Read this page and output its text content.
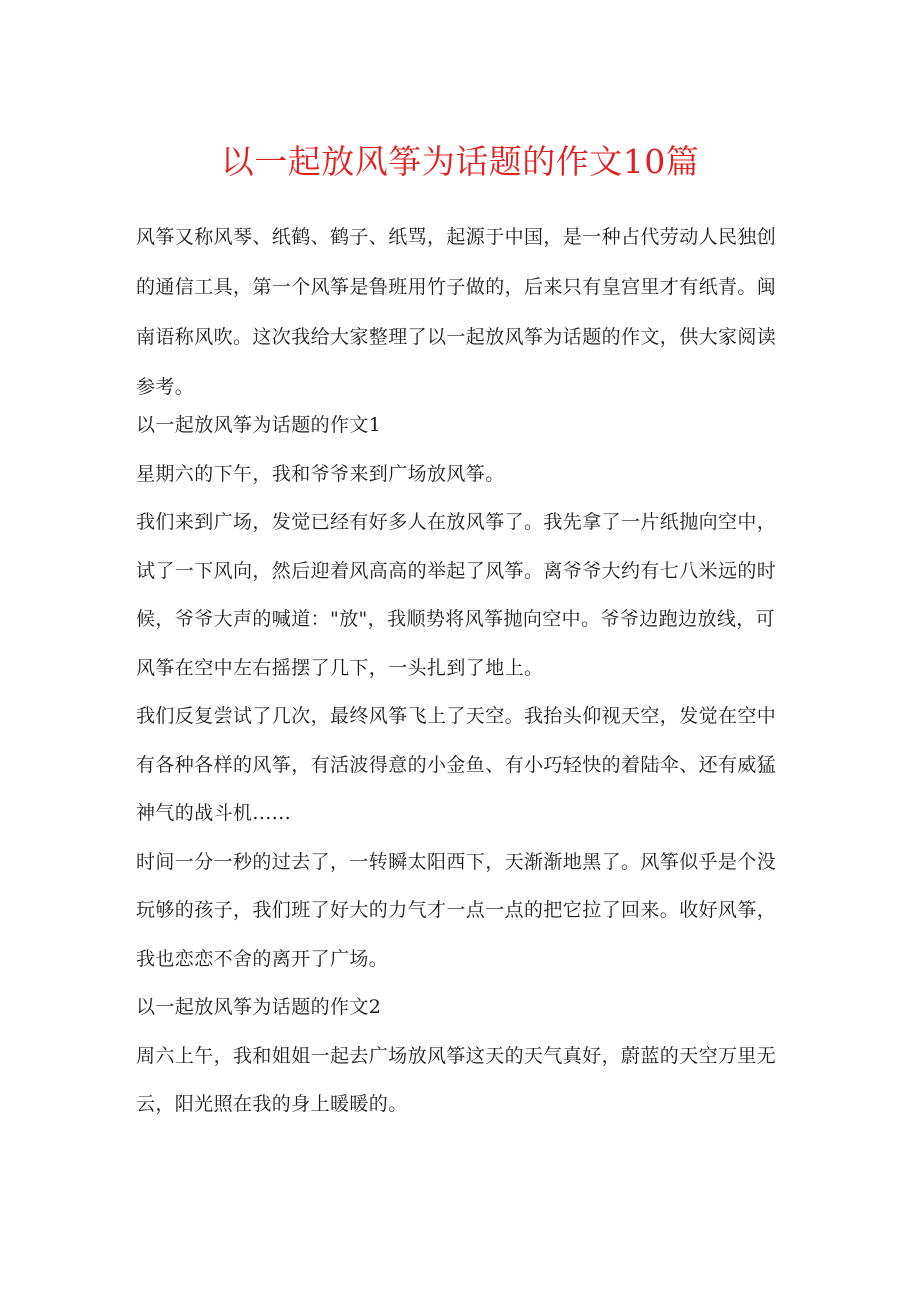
以一起放风筝为话题的作文10篇

风筝又称风琴、纸鹤、鹤子、纸骂，起源于中国，是一种占代劳动人民独创的通信工具，第一个风筝是鲁班用竹子做的，后来只有皇宫里才有纸青。闽南语称风吹。这次我给大家整理了以一起放风筝为话题的作文，供大家阅读参考。

以一起放风筝为话题的作文1

星期六的下午，我和爷爷来到广场放风筝。

我们来到广场，发觉已经有好多人在放风筝了。我先拿了一片纸抛向空中，试了一下风向，然后迎着风高高的举起了风筝。离爷爷大约有七八米远的时候，爷爷大声的喊道："放"，我顺势将风筝抛向空中。爷爷边跑边放线，可风筝在空中左右摇摆了几下，一头扎到了地上。

我们反复尝试了几次，最终风筝飞上了天空。我抬头仰视天空，发觉在空中有各种各样的风筝，有活波得意的小金鱼、有小巧轻快的着陆伞、还有威猛神气的战斗机......

时间一分一秒的过去了，一转瞬太阳西下，天渐渐地黑了。风筝似乎是个没玩够的孩子，我们班了好大的力气才一点一点的把它拉了回来。收好风筝，我也恋恋不舍的离开了广场。

以一起放风筝为话题的作文2

周六上午，我和姐姐一起去广场放风筝这天的天气真好，蔚蓝的天空万里无云，阳光照在我的身上暖暖的。
